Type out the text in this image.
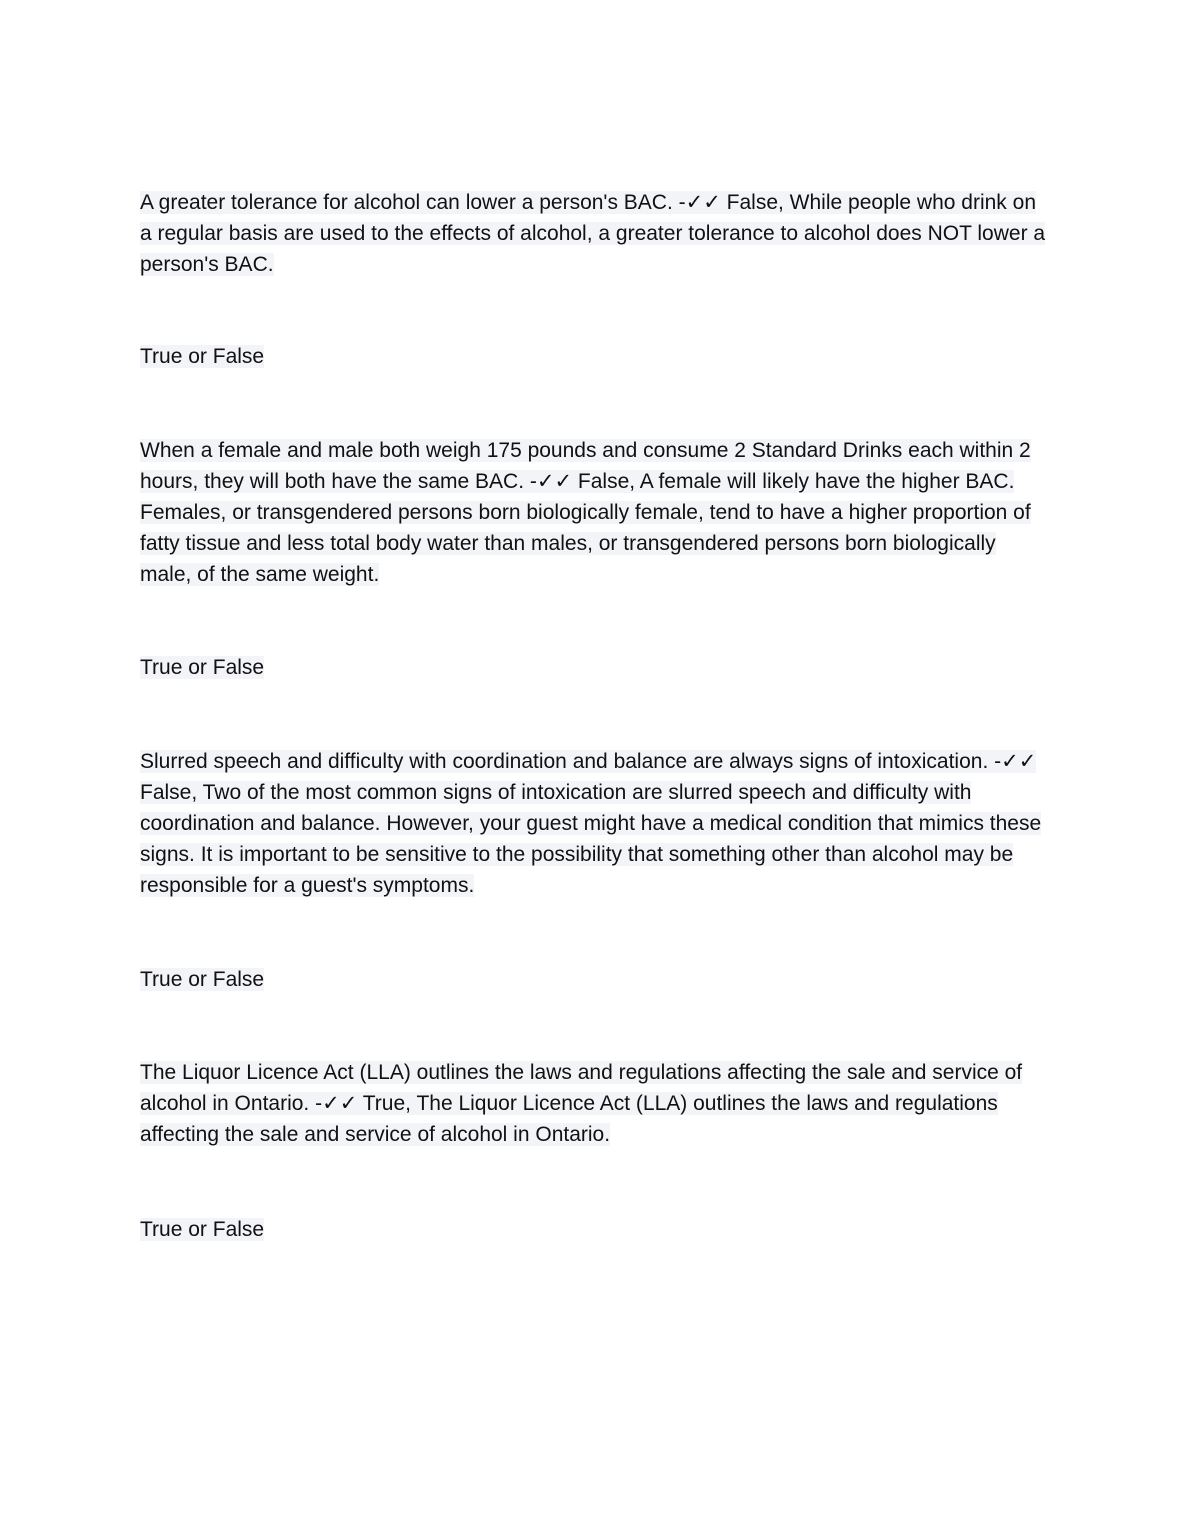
A greater tolerance for alcohol can lower a person's BAC. -✓✓ False, While people who drink on a regular basis are used to the effects of alcohol, a greater tolerance to alcohol does NOT lower a person's BAC.
True or False
When a female and male both weigh 175 pounds and consume 2 Standard Drinks each within 2 hours, they will both have the same BAC. -✓✓ False, A female will likely have the higher BAC. Females, or transgendered persons born biologically female, tend to have a higher proportion of fatty tissue and less total body water than males, or transgendered persons born biologically male, of the same weight.
True or False
Slurred speech and difficulty with coordination and balance are always signs of intoxication. -✓✓ False, Two of the most common signs of intoxication are slurred speech and difficulty with coordination and balance. However, your guest might have a medical condition that mimics these signs. It is important to be sensitive to the possibility that something other than alcohol may be responsible for a guest's symptoms.
True or False
The Liquor Licence Act (LLA) outlines the laws and regulations affecting the sale and service of alcohol in Ontario. -✓✓ True, The Liquor Licence Act (LLA) outlines the laws and regulations affecting the sale and service of alcohol in Ontario.
True or False
